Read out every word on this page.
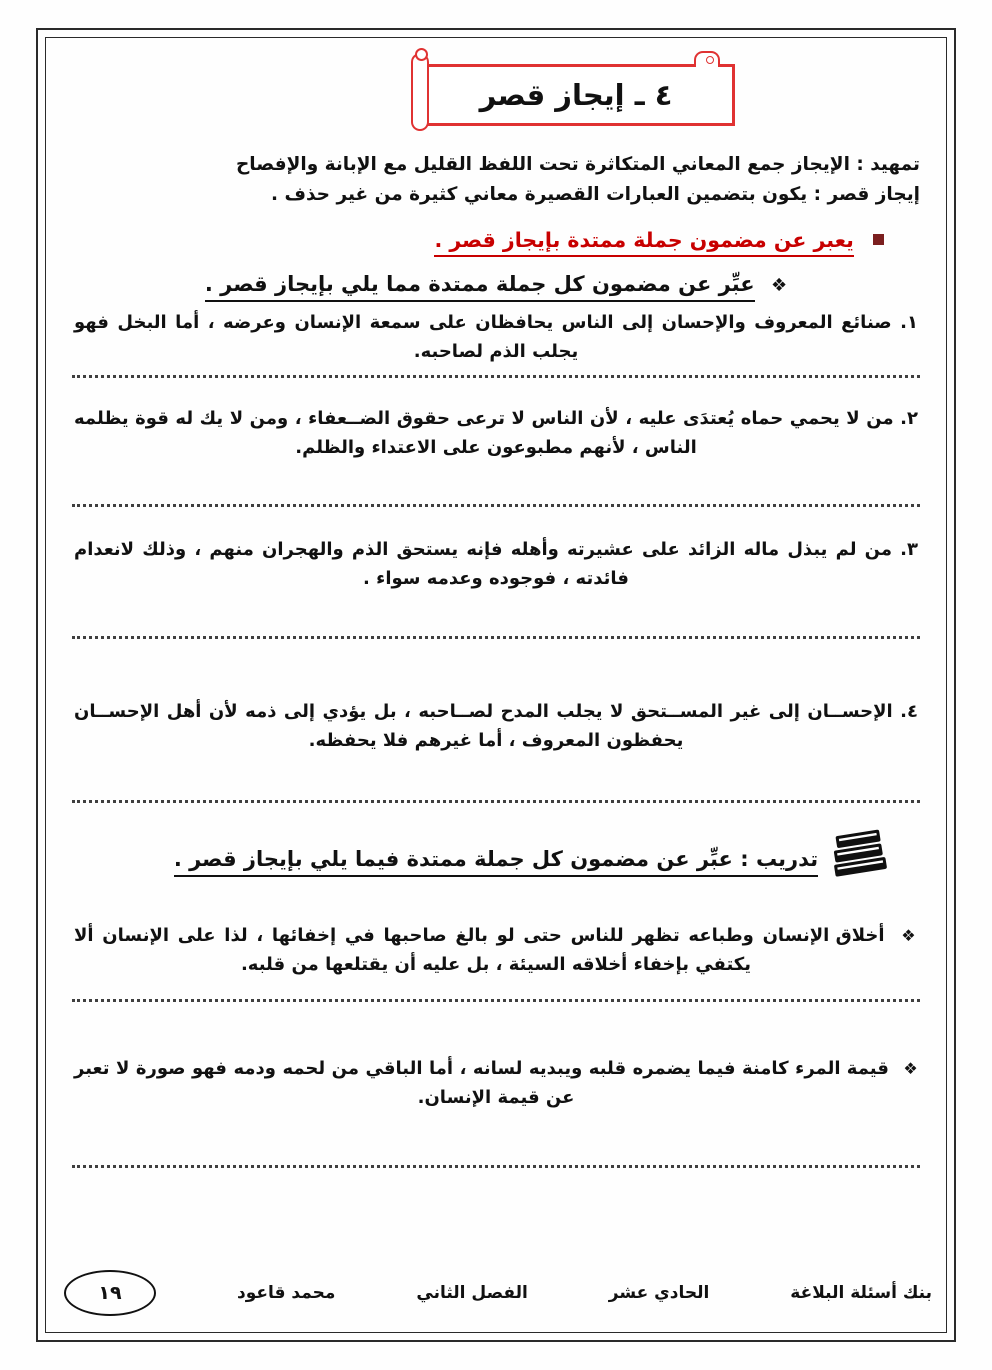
٤ ـ إيجاز قصر
تمهيد : الإيجاز جمع المعاني المتكاثرة تحت اللفظ القليل مع الإبانة والإفصاح
إيجاز قصر : يكون بتضمين العبارات القصيرة معاني كثيرة من غير حذف .
يعبر عن مضمون جملة ممتدة بإيجاز قصر .
❖ عبِّر عن مضمون كل جملة ممتدة مما يلي بإيجاز قصر .

١. صنائع المعروف والإحسان إلى الناس يحافظان على سمعة الإنسان وعرضه ، أما البخل فهو يجلب الذم لصاحبه.

٢. من لا يحمي حماه يُعتدَى عليه ، لأن الناس لا ترعى حقوق الضــعفاء ، ومن لا يك له قوة يظلمه الناس ، لأنهم مطبوعون على الاعتداء والظلم.

٣. من لم يبذل ماله الزائد على عشيرته وأهله فإنه يستحق الذم والهجران منهم ، وذلك لانعدام فائدته ، فوجوده وعدمه سواء .

٤. الإحســان إلى غير المســتحق لا يجلب المدح لصــاحبه ، بل يؤدي إلى ذمه لأن أهل الإحســان يحفظون المعروف ، أما غيرهم فلا يحفظه.

تدريب : عبِّر عن مضمون كل جملة ممتدة فيما يلي بإيجاز قصر .

❖ أخلاق الإنسان وطباعه تظهر للناس حتى لو بالغ صاحبها في إخفائها ، لذا على الإنسان ألا يكتفي بإخفاء أخلاقه السيئة ، بل عليه أن يقتلعها من قلبه.

❖ قيمة المرء كامنة فيما يضمره قلبه ويبديه لسانه ، أما الباقي من لحمه ودمه فهو صورة لا تعبر عن قيمة الإنسان.

بنك أسئلة البلاغة
الحادي عشر
الفصل الثاني
محمد قاعود
١٩
